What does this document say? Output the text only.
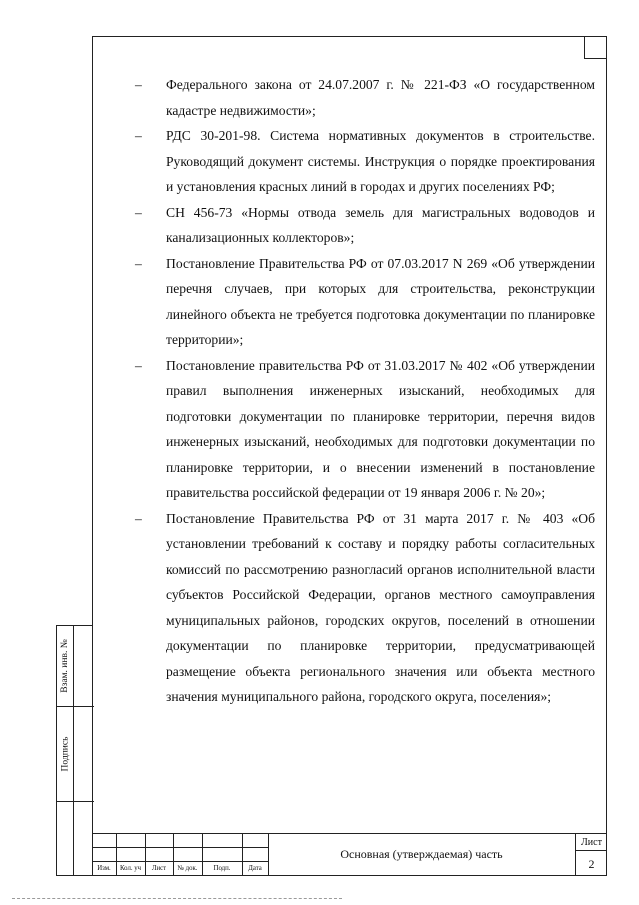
Взам. инв. №
Подпись
– Федерального закона от 24.07.2007 г. № 221-ФЗ «О государственном кадастре недвижимости»;
– РДС 30-201-98. Система нормативных документов в строительстве. Руководящий документ системы. Инструкция о порядке проектирования и установления красных линий в городах и других поселениях РФ;
– СН 456-73 «Нормы отвода земель для магистральных водоводов и канализационных коллекторов»;
– Постановление Правительства РФ от 07.03.2017 N 269 «Об утверждении перечня случаев, при которых для строительства, реконструкции линейного объекта не требуется подготовка документации по планировке территории»;
– Постановление правительства РФ от 31.03.2017 № 402 «Об утверждении правил выполнения инженерных изысканий, необходимых для подготовки документации по планировке территории, перечня видов инженерных изысканий, необходимых для подготовки документации по планировке территории, и о внесении изменений в постановление правительства российской федерации от 19 января 2006 г. № 20»;
– Постановление Правительства РФ от 31 марта 2017 г. № 403 «Об установлении требований к составу и порядку работы согласительных комиссий по рассмотрению разногласий органов исполнительной власти субъектов Российской Федерации, органов местного самоуправления муниципальных районов, городских округов, поселений в отношении документации по планировке территории, предусматривающей размещение объекта регионального значения или объекта местного значения муниципального района, городского округа, поселения»;
Изм.	Кол. уч	Лист	№ док.	Подп.	Дата
Основная (утверждаемая) часть
Лист
2
